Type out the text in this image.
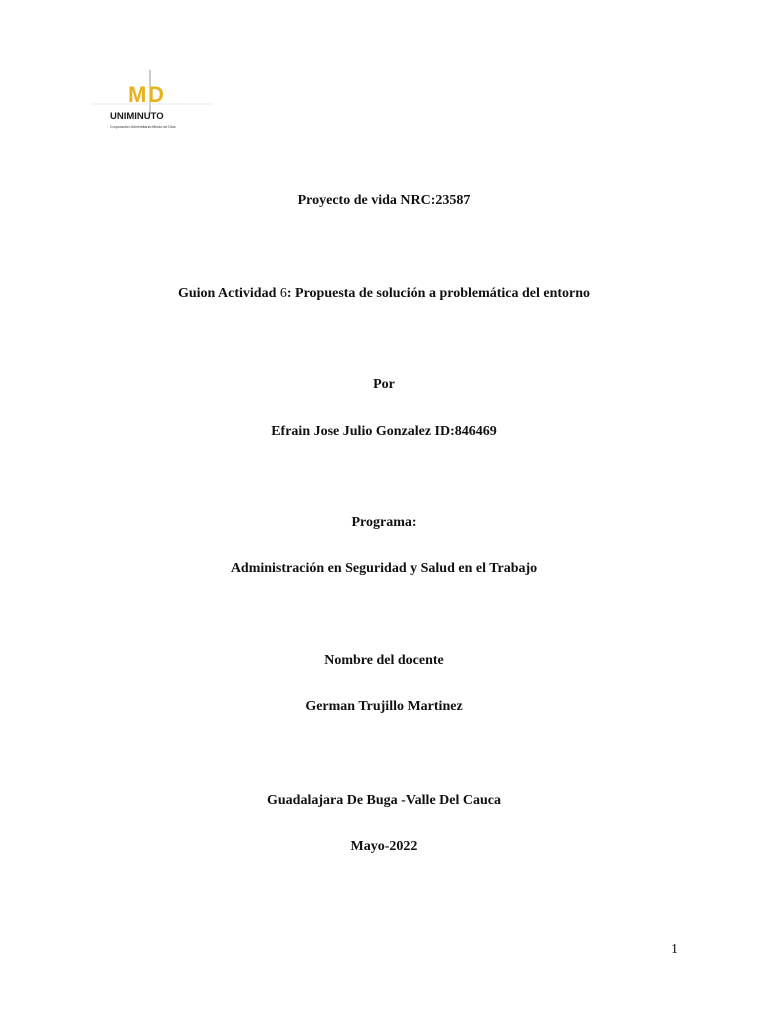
M D
UNIMINUTO
Corporación Universitaria Minuto de Dios
Proyecto de vida NRC:23587
Guion Actividad 6: Propuesta de solución a problemática del entorno
Por
Efrain Jose Julio Gonzalez ID:846469
Programa:
Administración en Seguridad y Salud en el Trabajo
Nombre del docente
German Trujillo Martinez
Guadalajara De Buga -Valle Del Cauca
Mayo-2022
1
